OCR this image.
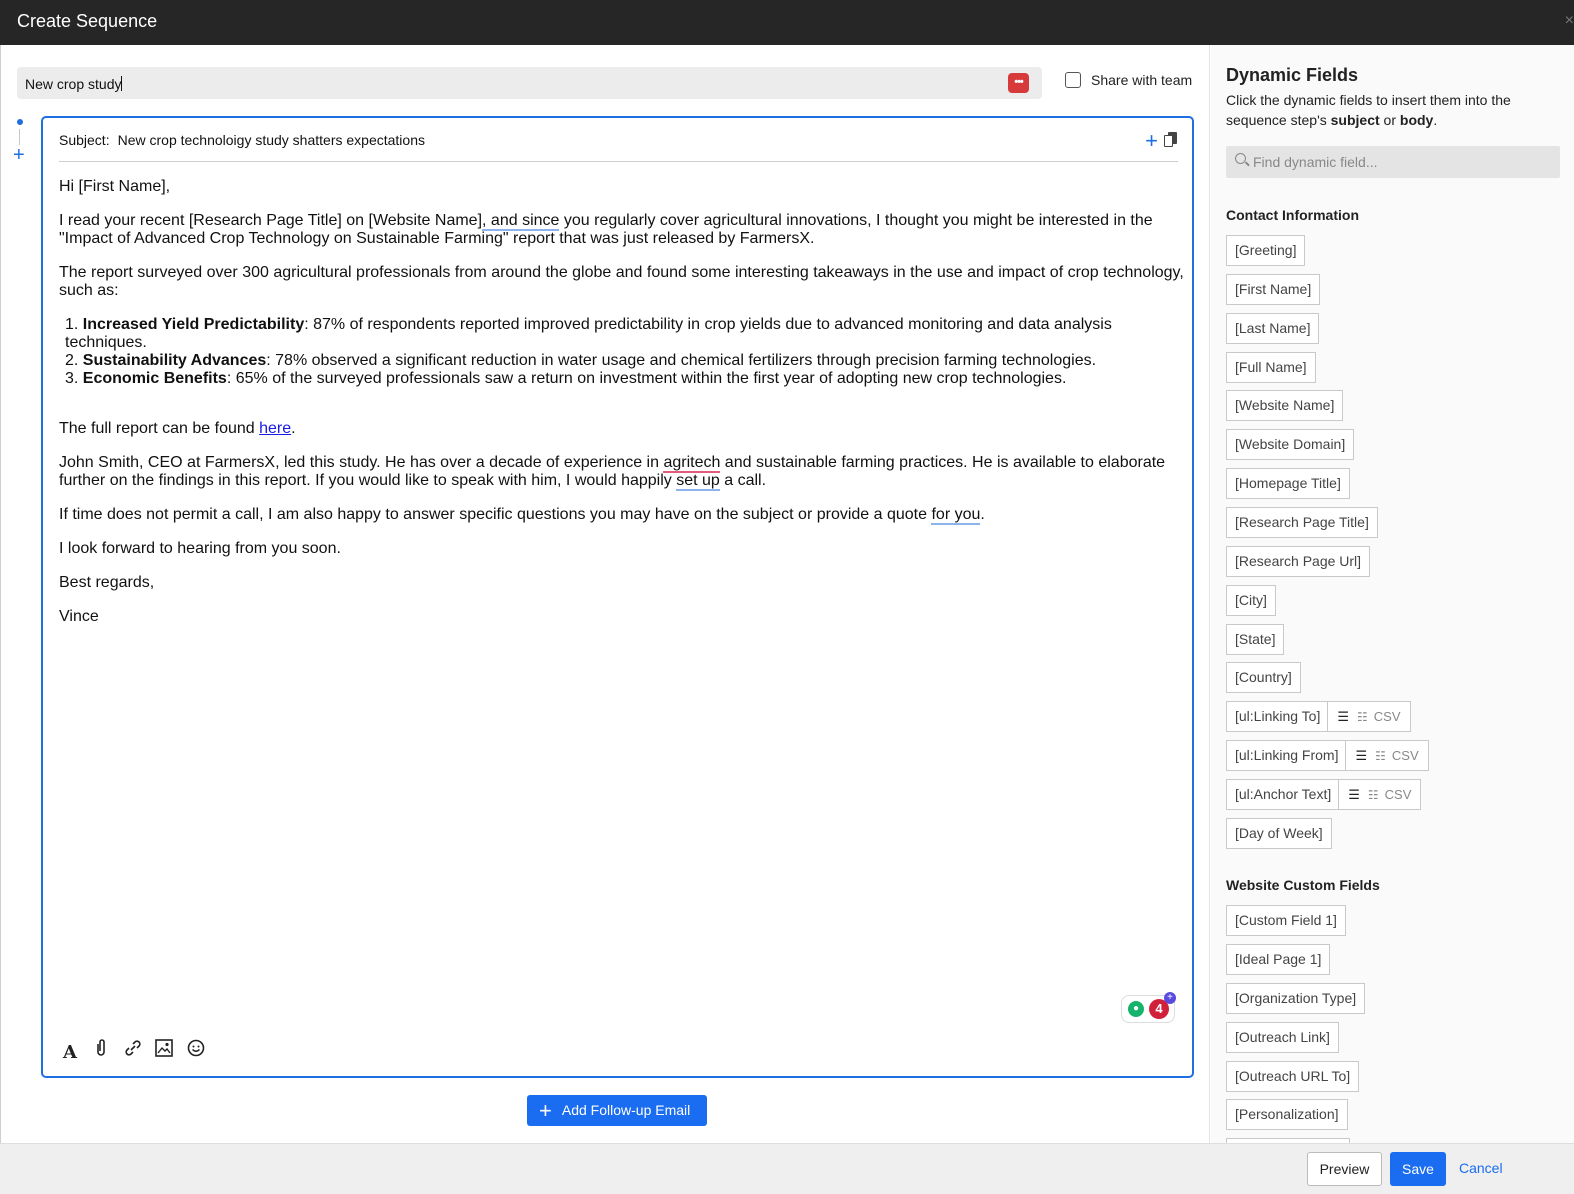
Create Sequence	×
New crop study	•••	Share with team
+
Subject: New crop technoloigy study shatters expectations	+

Hi [First Name],

I read your recent [Research Page Title] on [Website Name], and since you regularly cover agricultural innovations, I thought you might be interested in the "Impact of Advanced Crop Technology on Sustainable Farming" report that was just released by FarmersX.

The report surveyed over 300 agricultural professionals from around the globe and found some interesting takeaways in the use and impact of crop technology, such as:

1. Increased Yield Predictability: 87% of respondents reported improved predictability in crop yields due to advanced monitoring and data analysis techniques.
2. Sustainability Advances: 78% observed a significant reduction in water usage and chemical fertilizers through precision farming technologies.
3. Economic Benefits: 65% of the surveyed professionals saw a return on investment within the first year of adopting new crop technologies.

The full report can be found here.

John Smith, CEO at FarmersX, led this study. He has over a decade of experience in agritech and sustainable farming practices. He is available to elaborate further on the findings in this report. If you would like to speak with him, I would happily set up a call.

If time does not permit a call, I am also happy to answer specific questions you may have on the subject or provide a quote for you.

I look forward to hearing from you soon.

Best regards,

Vince

●	4
+
A
+ Add Follow-up Email
Dynamic Fields
Click the dynamic fields to insert them into the sequence step's subject or body.
Find dynamic field...
Contact Information
[Greeting]
[First Name]
[Last Name]
[Full Name]
[Website Name]
[Website Domain]
[Homepage Title]
[Research Page Title]
[Research Page Url]
[City]
[State]
[Country]
[ul:Linking To]	☰ ☷ CSV
[ul:Linking From]	☰ ☷ CSV
[ul:Anchor Text]	☰ ☷ CSV
[Day of Week]
Website Custom Fields
[Custom Field 1]
[Ideal Page 1]
[Organization Type]
[Outreach Link]
[Outreach URL To]
[Personalization]
Preview	Save	Cancel
